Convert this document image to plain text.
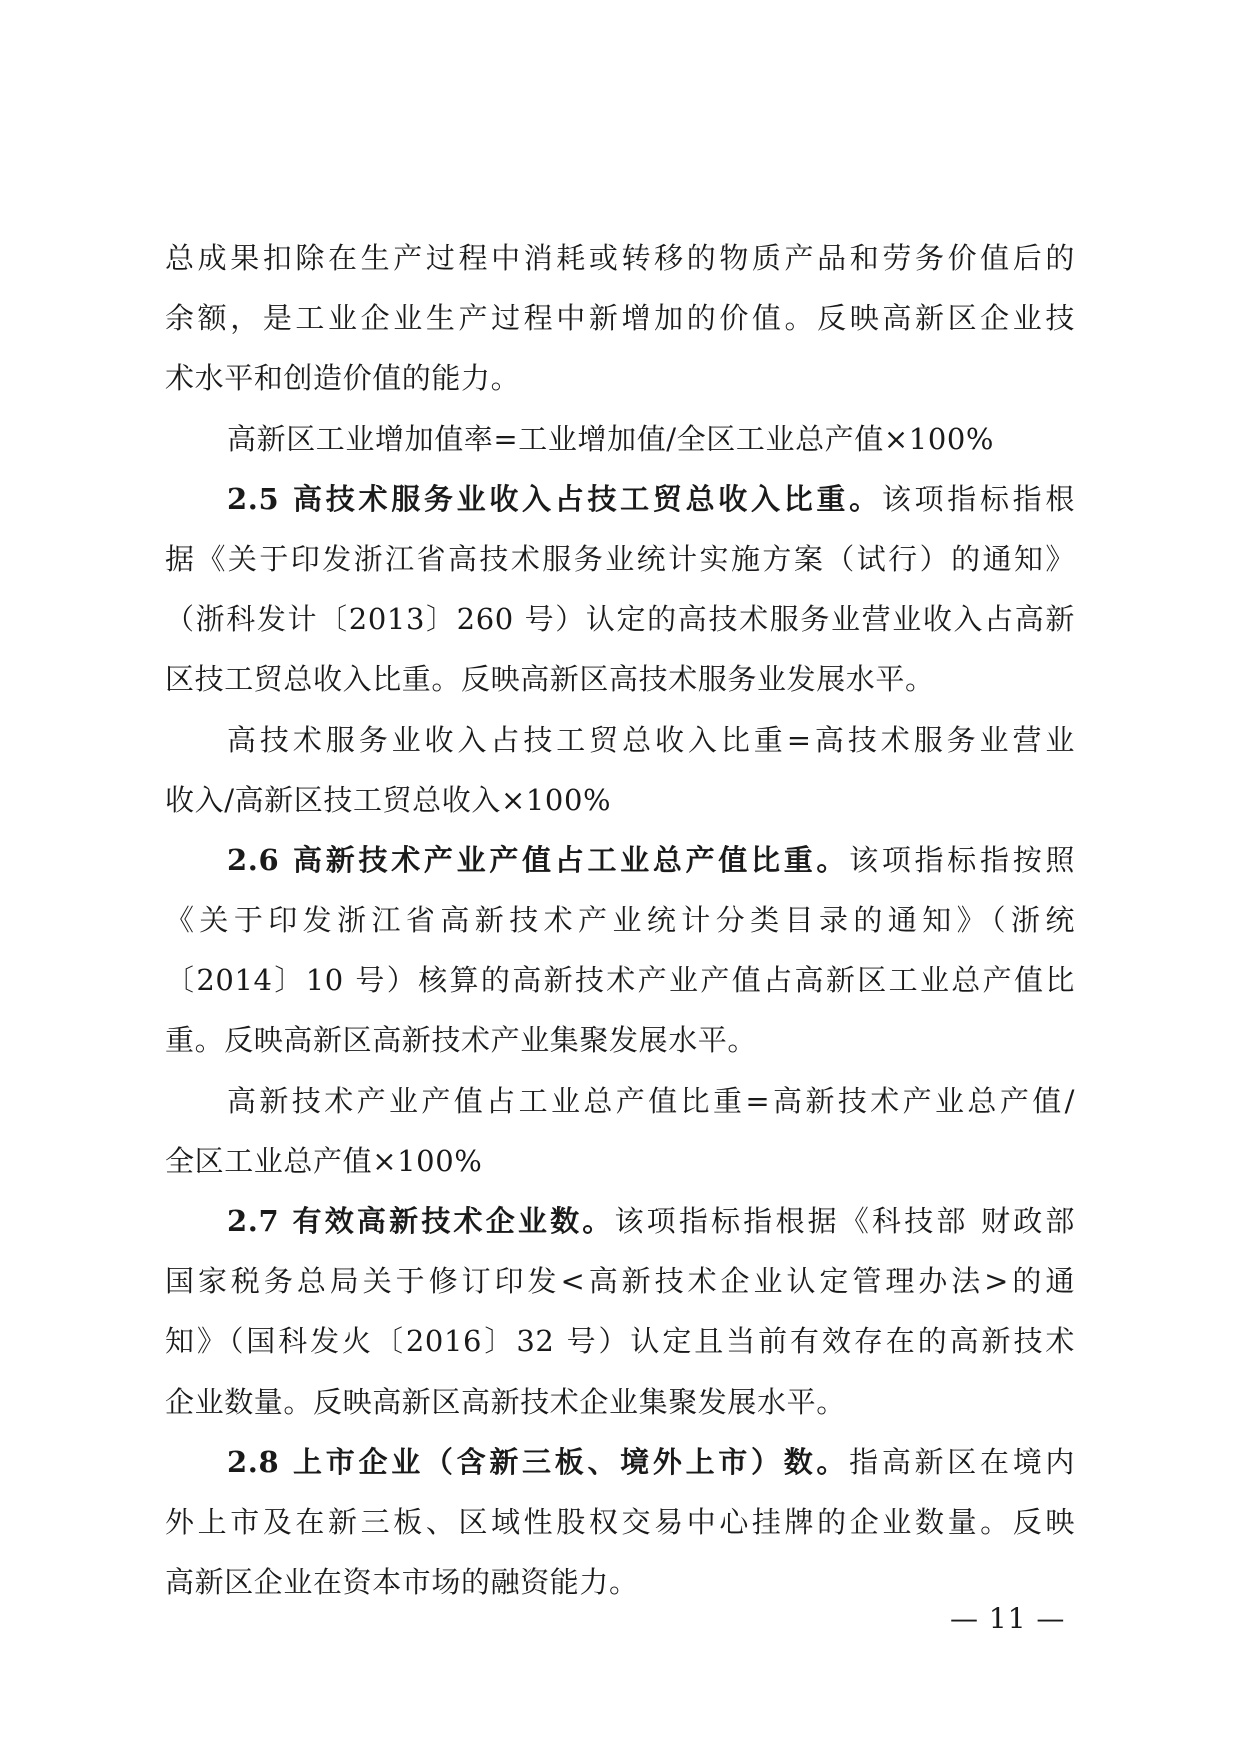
总成果扣除在生产过程中消耗或转移的物质产品和劳务价值后的
余额，是工业企业生产过程中新增加的价值。反映高新区企业技
术水平和创造价值的能力。
高新区工业增加值率=工业增加值/全区工业总产值×100%
2.5 高技术服务业收入占技工贸总收入比重。该项指标指根
据《关于印发浙江省高技术服务业统计实施方案（试行）的通知》
（浙科发计〔2013〕260 号）认定的高技术服务业营业收入占高新
区技工贸总收入比重。反映高新区高技术服务业发展水平。
高技术服务业收入占技工贸总收入比重=高技术服务业营业
收入/高新区技工贸总收入×100%
2.6 高新技术产业产值占工业总产值比重。该项指标指按照
《关于印发浙江省高新技术产业统计分类目录的通知》（浙统
〔2014〕10 号）核算的高新技术产业产值占高新区工业总产值比
重。反映高新区高新技术产业集聚发展水平。
高新技术产业产值占工业总产值比重=高新技术产业总产值/
全区工业总产值×100%
2.7 有效高新技术企业数。该项指标指根据《科技部 财政部
国家税务总局关于修订印发<高新技术企业认定管理办法>的通
知》（国科发火〔2016〕32 号）认定且当前有效存在的高新技术
企业数量。反映高新区高新技术企业集聚发展水平。
2.8 上市企业（含新三板、境外上市）数。指高新区在境内
外上市及在新三板、区域性股权交易中心挂牌的企业数量。反映
高新区企业在资本市场的融资能力。
— 11 —
